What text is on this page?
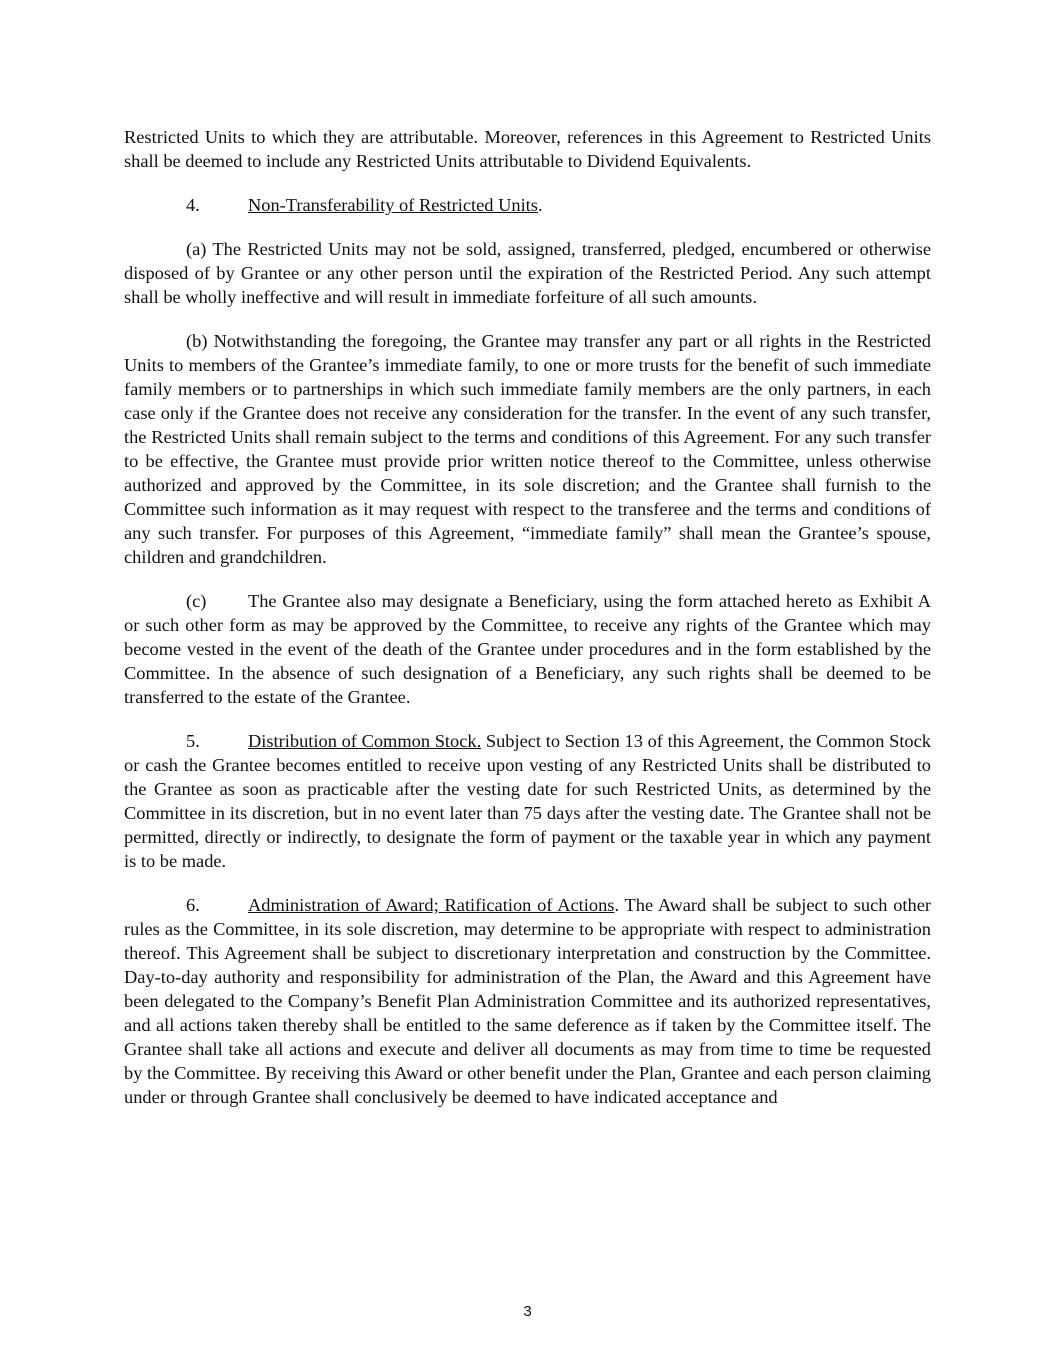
Restricted Units to which they are attributable. Moreover, references in this Agreement to Restricted Units shall be deemed to include any Restricted Units attributable to Dividend Equivalents.

4.	Non-Transferability of Restricted Units.

(a) The Restricted Units may not be sold, assigned, transferred, pledged, encumbered or otherwise disposed of by Grantee or any other person until the expiration of the Restricted Period. Any such attempt shall be wholly ineffective and will result in immediate forfeiture of all such amounts.

(b) Notwithstanding the foregoing, the Grantee may transfer any part or all rights in the Restricted Units to members of the Grantee’s immediate family, to one or more trusts for the benefit of such immediate family members or to partnerships in which such immediate family members are the only partners, in each case only if the Grantee does not receive any consideration for the transfer. In the event of any such transfer, the Restricted Units shall remain subject to the terms and conditions of this Agreement. For any such transfer to be effective, the Grantee must provide prior written notice thereof to the Committee, unless otherwise authorized and approved by the Committee, in its sole discretion; and the Grantee shall furnish to the Committee such information as it may request with respect to the transferee and the terms and conditions of any such transfer. For purposes of this Agreement, “immediate family” shall mean the Grantee’s spouse, children and grandchildren.

(c) The Grantee also may designate a Beneficiary, using the form attached hereto as Exhibit A or such other form as may be approved by the Committee, to receive any rights of the Grantee which may become vested in the event of the death of the Grantee under procedures and in the form established by the Committee. In the absence of such designation of a Beneficiary, any such rights shall be deemed to be transferred to the estate of the Grantee.

5.	Distribution of Common Stock. Subject to Section 13 of this Agreement, the Common Stock or cash the Grantee becomes entitled to receive upon vesting of any Restricted Units shall be distributed to the Grantee as soon as practicable after the vesting date for such Restricted Units, as determined by the Committee in its discretion, but in no event later than 75 days after the vesting date. The Grantee shall not be permitted, directly or indirectly, to designate the form of payment or the taxable year in which any payment is to be made.

6.	Administration of Award; Ratification of Actions. The Award shall be subject to such other rules as the Committee, in its sole discretion, may determine to be appropriate with respect to administration thereof. This Agreement shall be subject to discretionary interpretation and construction by the Committee. Day-to-day authority and responsibility for administration of the Plan, the Award and this Agreement have been delegated to the Company’s Benefit Plan Administration Committee and its authorized representatives, and all actions taken thereby shall be entitled to the same deference as if taken by the Committee itself. The Grantee shall take all actions and execute and deliver all documents as may from time to time be requested by the Committee. By receiving this Award or other benefit under the Plan, Grantee and each person claiming under or through Grantee shall conclusively be deemed to have indicated acceptance and

3
